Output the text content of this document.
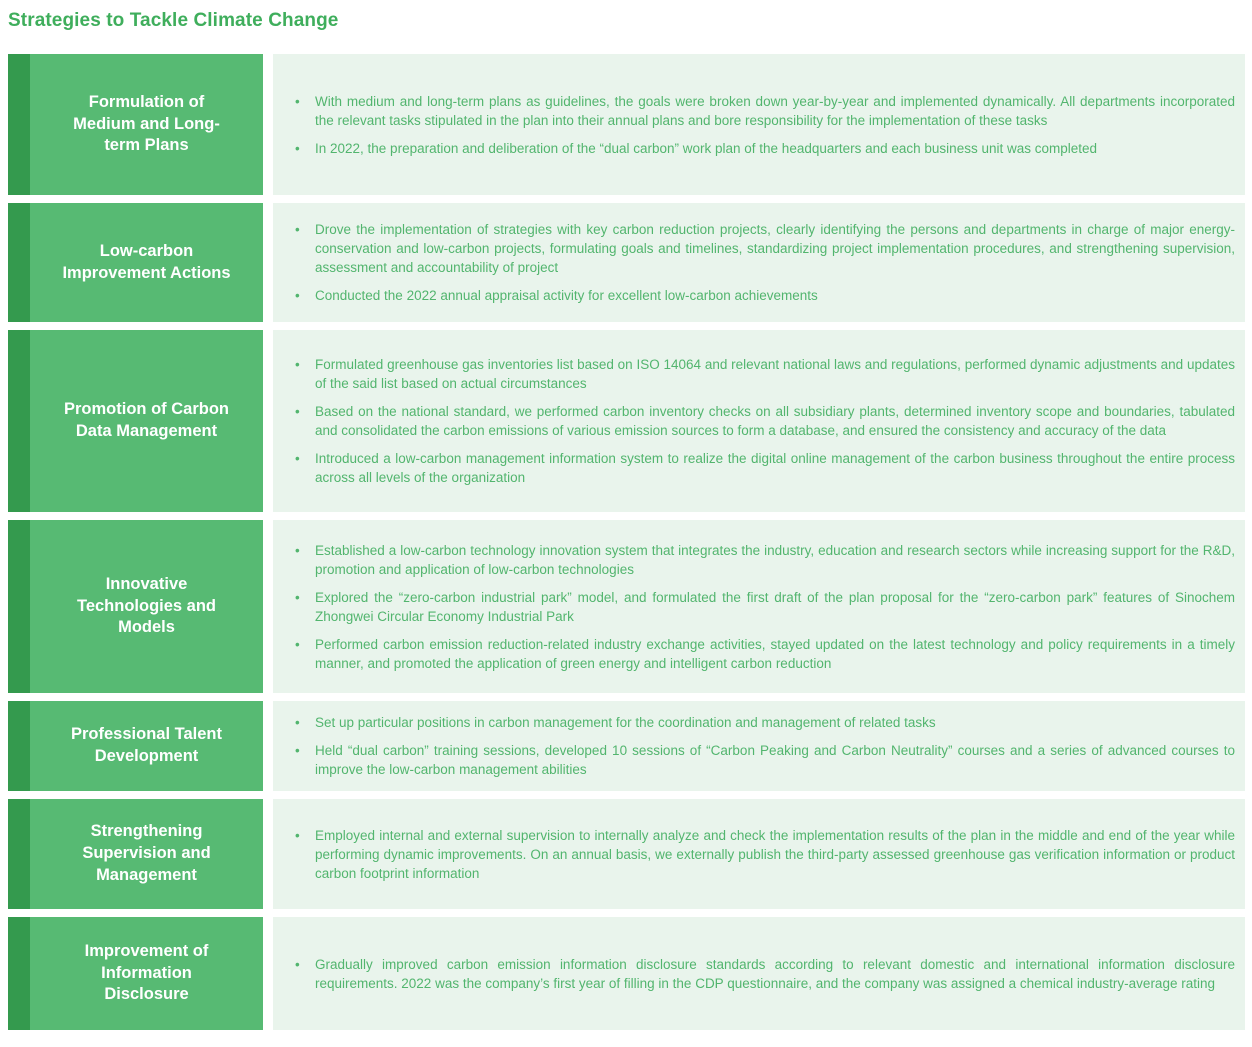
Strategies to Tackle Climate Change
Formulation of Medium and Long-term Plans
• With medium and long-term plans as guidelines, the goals were broken down year-by-year and implemented dynamically. All departments incorporated the relevant tasks stipulated in the plan into their annual plans and bore responsibility for the implementation of these tasks
• In 2022, the preparation and deliberation of the “dual carbon” work plan of the headquarters and each business unit was completed
Low-carbon Improvement Actions
• Drove the implementation of strategies with key carbon reduction projects, clearly identifying the persons and departments in charge of major energy-conservation and low-carbon projects, formulating goals and timelines, standardizing project implementation procedures, and strengthening supervision, assessment and accountability of project
• Conducted the 2022 annual appraisal activity for excellent low-carbon achievements
Promotion of Carbon Data Management
• Formulated greenhouse gas inventories list based on ISO 14064 and relevant national laws and regulations, performed dynamic adjustments and updates of the said list based on actual circumstances
• Based on the national standard, we performed carbon inventory checks on all subsidiary plants, determined inventory scope and boundaries, tabulated and consolidated the carbon emissions of various emission sources to form a database, and ensured the consistency and accuracy of the data
• Introduced a low-carbon management information system to realize the digital online management of the carbon business throughout the entire process across all levels of the organization
Innovative Technologies and Models
• Established a low-carbon technology innovation system that integrates the industry, education and research sectors while increasing support for the R&D, promotion and application of low-carbon technologies
• Explored the “zero-carbon industrial park” model, and formulated the first draft of the plan proposal for the “zero-carbon park” features of Sinochem Zhongwei Circular Economy Industrial Park
• Performed carbon emission reduction-related industry exchange activities, stayed updated on the latest technology and policy requirements in a timely manner, and promoted the application of green energy and intelligent carbon reduction
Professional Talent Development
• Set up particular positions in carbon management for the coordination and management of related tasks
• Held “dual carbon” training sessions, developed 10 sessions of “Carbon Peaking and Carbon Neutrality” courses and a series of advanced courses to improve the low-carbon management abilities
Strengthening Supervision and Management
• Employed internal and external supervision to internally analyze and check the implementation results of the plan in the middle and end of the year while performing dynamic improvements. On an annual basis, we externally publish the third-party assessed greenhouse gas verification information or product carbon footprint information
Improvement of Information Disclosure
• Gradually improved carbon emission information disclosure standards according to relevant domestic and international information disclosure requirements. 2022 was the company’s first year of filling in the CDP questionnaire, and the company was assigned a chemical industry-average rating
